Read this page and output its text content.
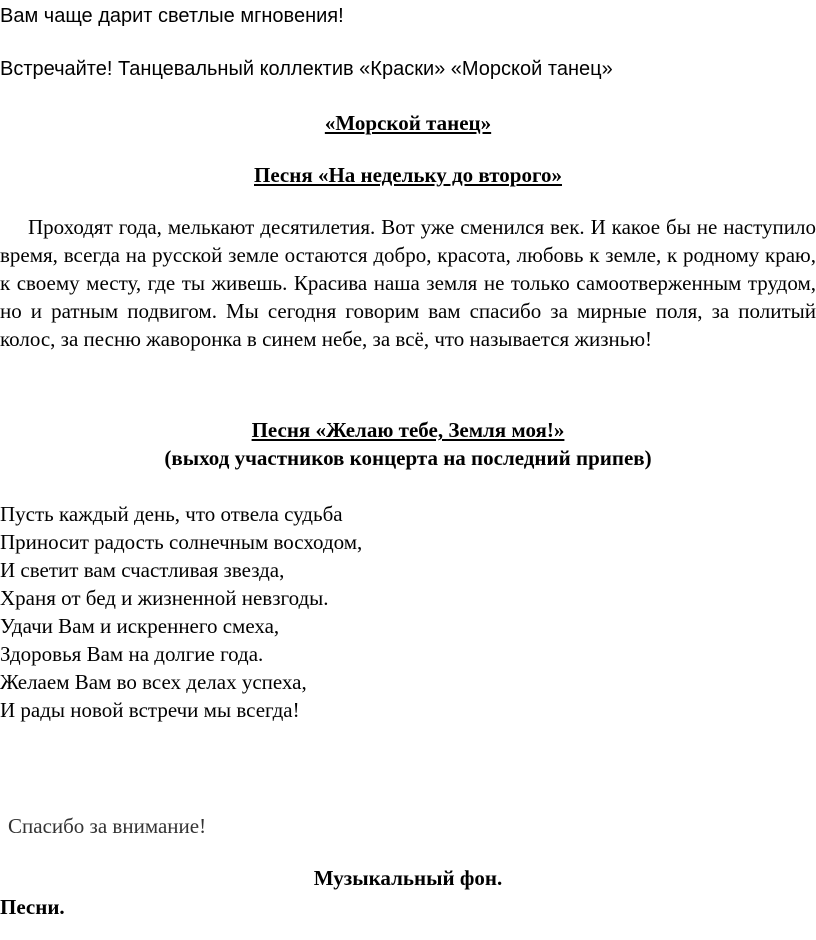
Вам чаще дарит светлые мгновения!
Встречайте! Танцевальный коллектив «Краски» «Морской танец»
«Морской танец»
Песня «На недельку до второго»

Проходят года, мелькают десятилетия. Вот уже сменился век. И какое бы не наступило время, всегда на русской земле остаются добро, красота, любовь к земле, к родному краю, к своему месту, где ты живешь. Красива наша земля не только самоотверженным трудом, но и ратным подвигом. Мы сегодня говорим вам спасибо за мирные поля, за политый колос, за песню жаворонка в синем небе, за всё, что называется жизнью!

Песня «Желаю тебе, Земля моя!»
(выход участников концерта на последний припев)
Пусть каждый день, что отвела судьба
Приносит радость солнечным восходом,
И светит вам счастливая звезда,
Храня от бед и жизненной невзгоды.
Удачи Вам и искреннего смеха,
Здоровья Вам на долгие года.
Желаем Вам во всех делах успеха,
И рады новой встречи мы всегда!
Спасибо за внимание!
Музыкальный фон.
Песни.
